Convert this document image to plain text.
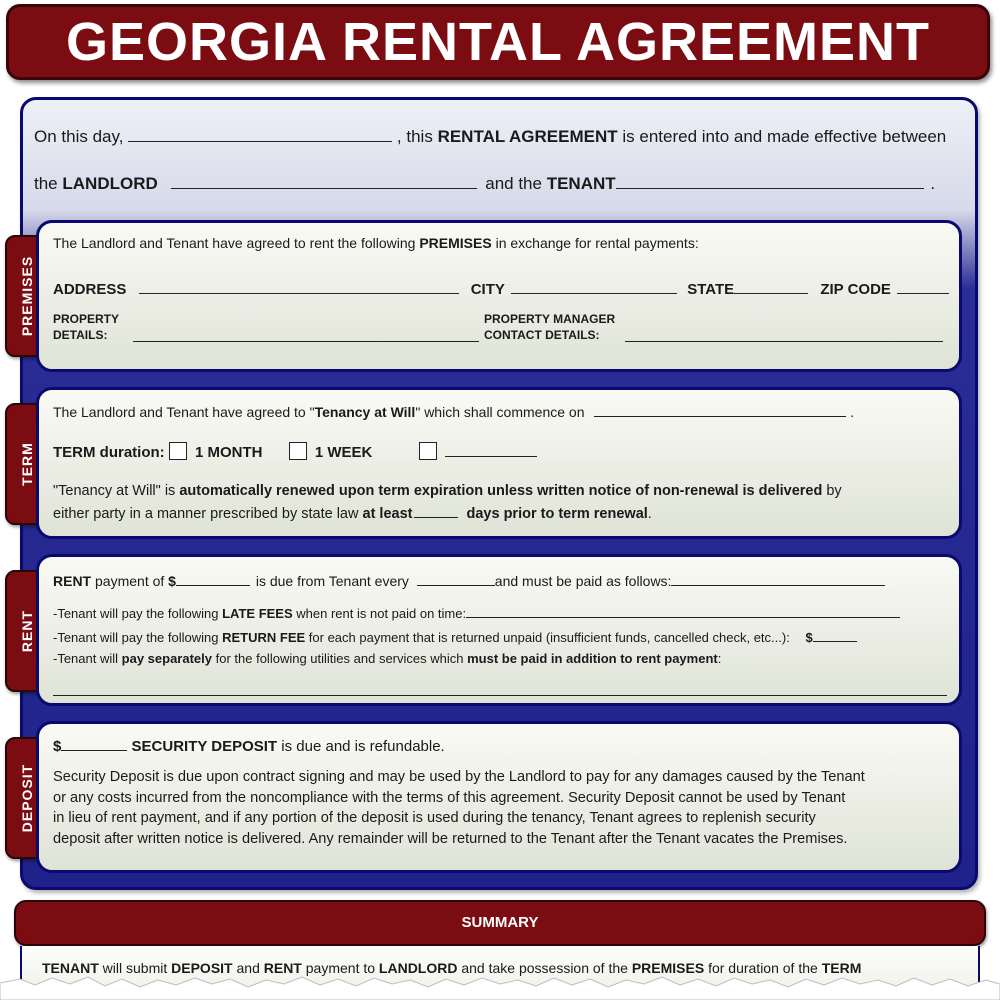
GEORGIA RENTAL AGREEMENT
On this day,	, this RENTAL AGREEMENT is entered into and made effective between
the LANDLORD	and the TENANT	.
PREMISES
The Landlord and Tenant have agreed to rent the following PREMISES in exchange for rental payments:
ADDRESS	CITY	STATE	ZIP CODE
PROPERTY
DETAILS:
PROPERTY MANAGER
CONTACT DETAILS:
TERM
The Landlord and Tenant have agreed to "Tenancy at Will" which shall commence on	.
TERM duration: 1 MONTH	1 WEEK
"Tenancy at Will" is automatically renewed upon term expiration unless written notice of non-renewal is delivered by
either party in a manner prescribed by state law at least	days prior to term renewal.
RENT
RENT payment of $	is due from Tenant every	and must be paid as follows:
-Tenant will pay the following LATE FEES when rent is not paid on time:
-Tenant will pay the following RETURN FEE for each payment that is returned unpaid (insufficient funds, cancelled check, etc...): $
-Tenant will pay separately for the following utilities and services which must be paid in addition to rent payment:
DEPOSIT
$	SECURITY DEPOSIT is due and is refundable.
Security Deposit is due upon contract signing and may be used by the Landlord to pay for any damages caused by the Tenant
or any costs incurred from the noncompliance with the terms of this agreement. Security Deposit cannot be used by Tenant
in lieu of rent payment, and if any portion of the deposit is used during the tenancy, Tenant agrees to replenish security
deposit after written notice is delivered. Any remainder will be returned to the Tenant after the Tenant vacates the Premises.
SUMMARY
TENANT will submit DEPOSIT and RENT payment to LANDLORD and take possession of the PREMISES for duration of the TERM
